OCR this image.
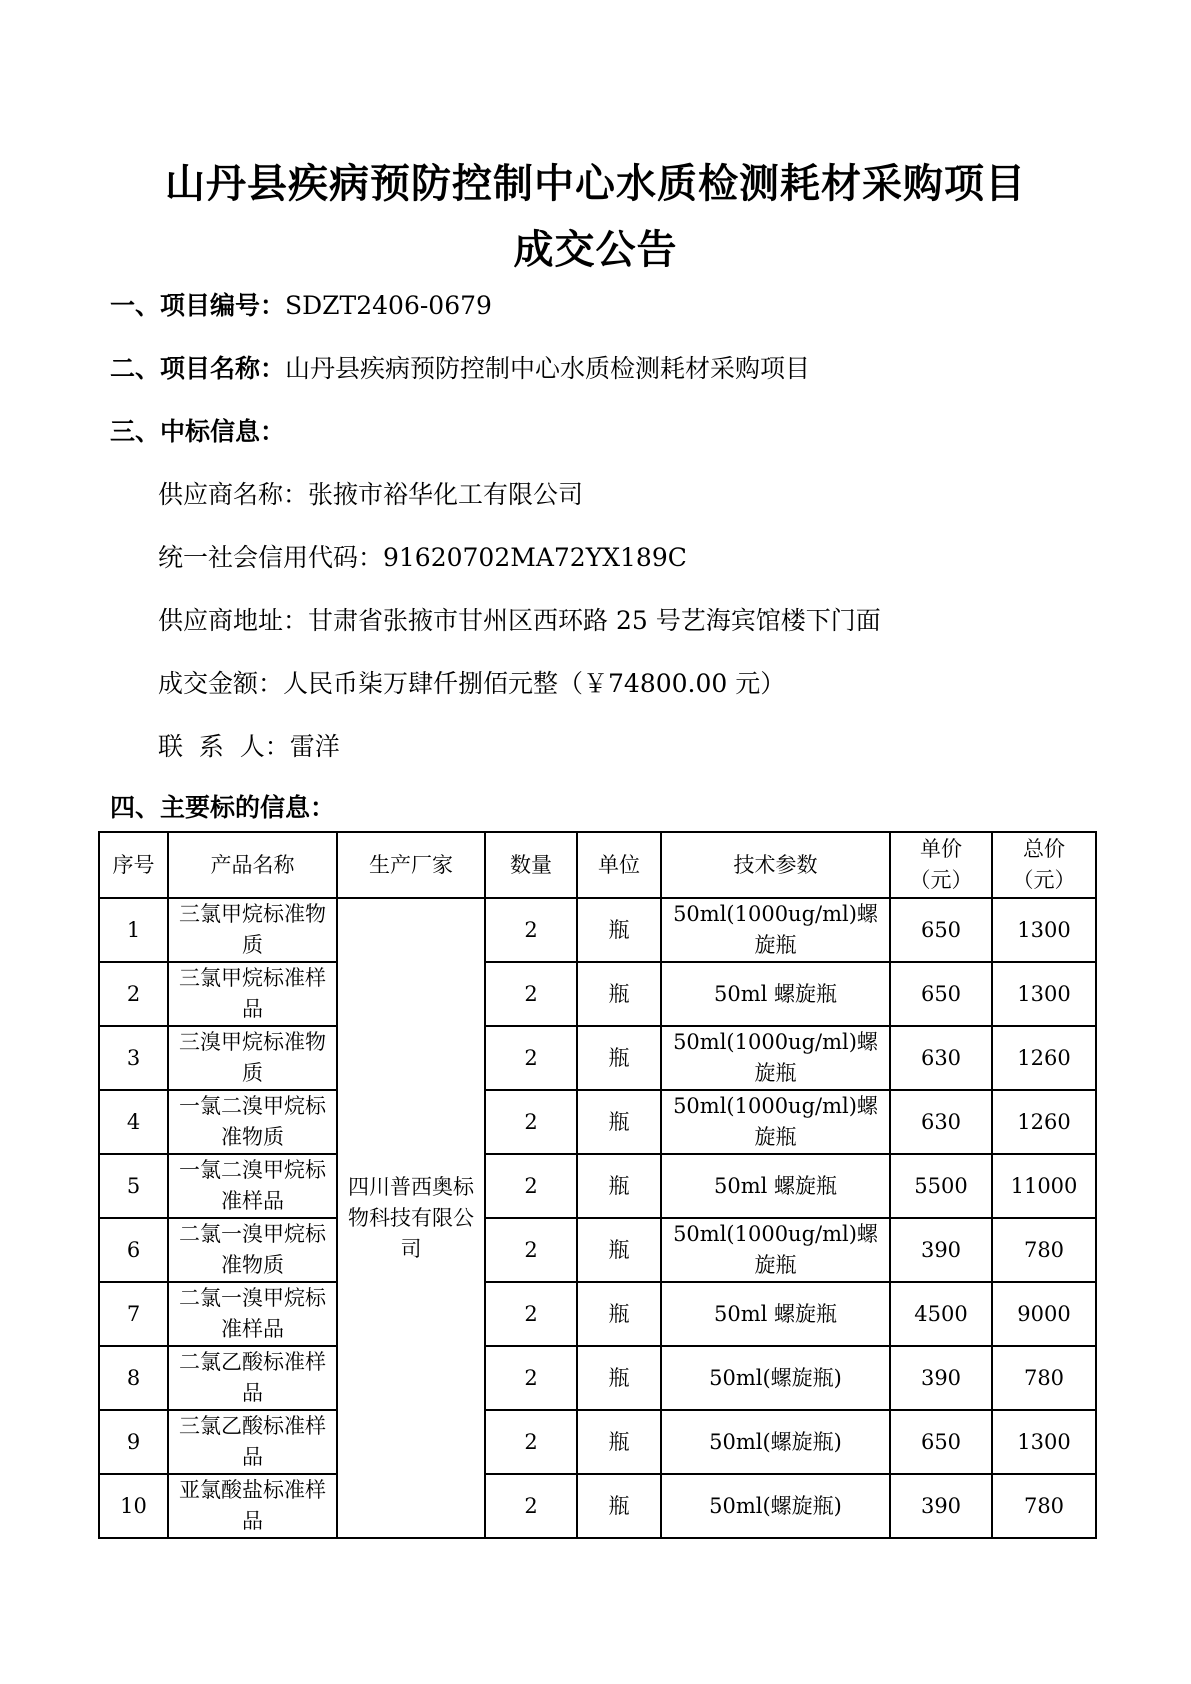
山丹县疾病预防控制中心水质检测耗材采购项目
成交公告
一、项目编号：SDZT2406-0679
二、项目名称：山丹县疾病预防控制中心水质检测耗材采购项目
三、中标信息：
供应商名称：张掖市裕华化工有限公司
统一社会信用代码：91620702MA72YX189C
供应商地址：甘肃省张掖市甘州区西环路 25 号艺海宾馆楼下门面
成交金额：人民币柒万肆仟捌佰元整（￥74800.00 元）
联  系  人：雷洋
四、主要标的信息：
序号	产品名称	生产厂家	数量	单位	技术参数	单价（元）	总价（元）
1	三氯甲烷标准物质	四川普西奥标物科技有限公司	2	瓶	50ml(1000ug/ml)螺旋瓶	650	1300
2	三氯甲烷标准样品		2	瓶	50ml 螺旋瓶	650	1300
3	三溴甲烷标准物质		2	瓶	50ml(1000ug/ml)螺旋瓶	630	1260
4	一氯二溴甲烷标准物质		2	瓶	50ml(1000ug/ml)螺旋瓶	630	1260
5	一氯二溴甲烷标准样品		2	瓶	50ml 螺旋瓶	5500	11000
6	二氯一溴甲烷标准物质		2	瓶	50ml(1000ug/ml)螺旋瓶	390	780
7	二氯一溴甲烷标准样品		2	瓶	50ml 螺旋瓶	4500	9000
8	二氯乙酸标准样品		2	瓶	50ml(螺旋瓶)	390	780
9	三氯乙酸标准样品		2	瓶	50ml(螺旋瓶)	650	1300
10	亚氯酸盐标准样品		2	瓶	50ml(螺旋瓶)	390	780
